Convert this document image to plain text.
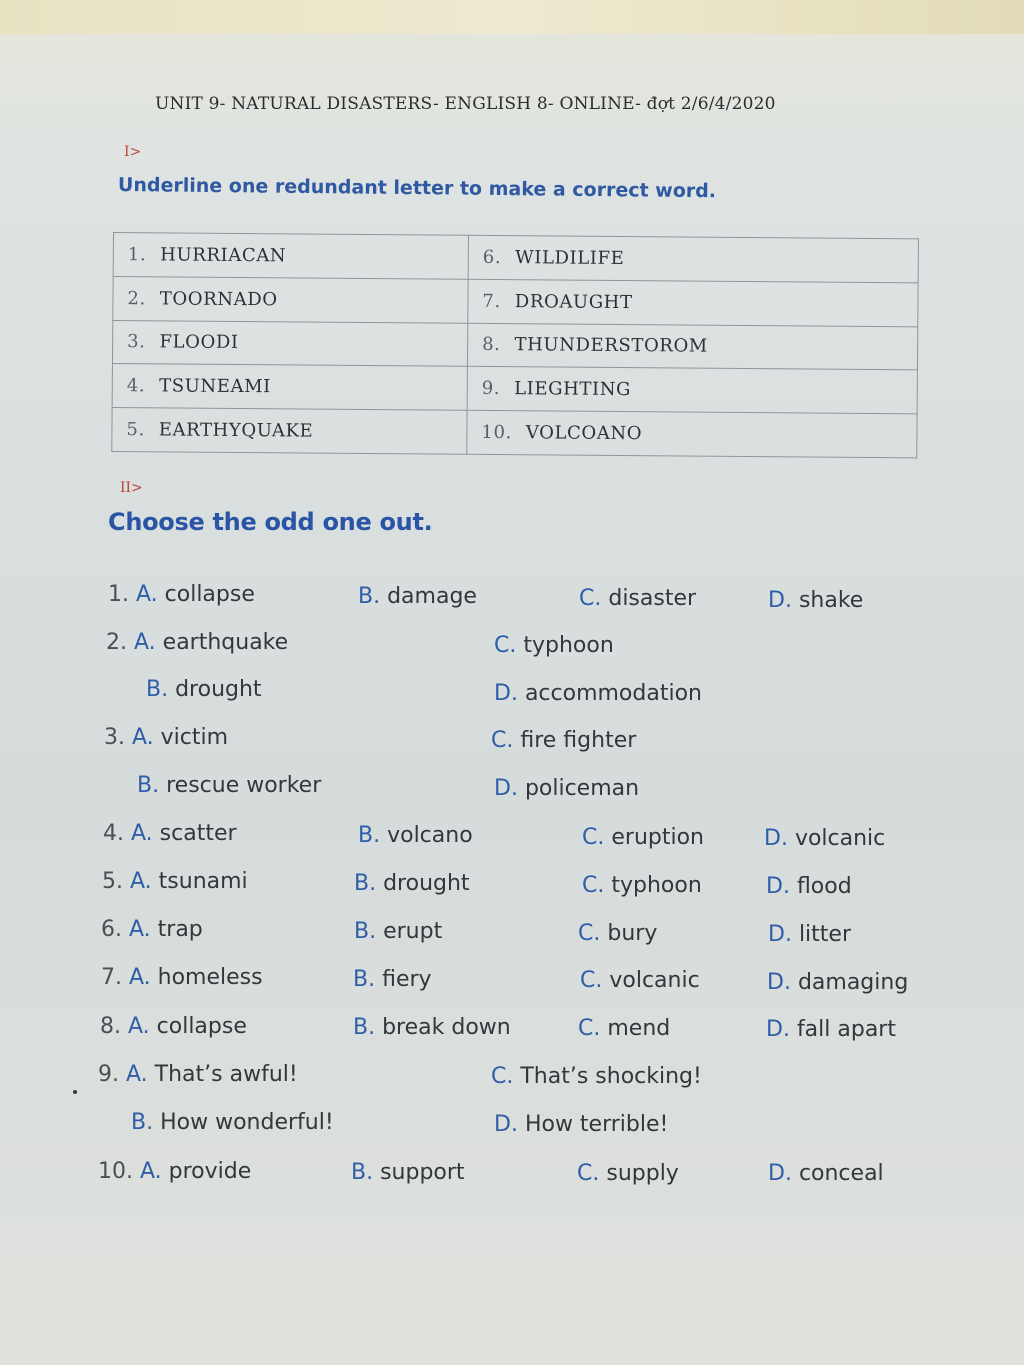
UNIT 9- NATURAL DISASTERS- ENGLISH 8- ONLINE- đợt 2/6/4/2020
I>
Underline one redundant letter to make a correct word.
1. HURRIACAN	6. WILDILIFE
2. TOORNADO	7. DROAUGHT
3. FLOODI	8. THUNDERSTOROM
4. TSUNEAMI	9. LIEGHTING
5. EARTHYQUAKE	10. VOLCOANO
II>
Choose the odd one out.
1. A. collapse	B. damage	C. disaster	D. shake
2. A. earthquake	C. typhoon
B. drought	D. accommodation
3. A. victim	C. fire fighter
B. rescue worker	D. policeman
4. A. scatter	B. volcano	C. eruption	D. volcanic
5. A. tsunami	B. drought	C. typhoon	D. flood
6. A. trap	B. erupt	C. bury	D. litter
7. A. homeless	B. fiery	C. volcanic	D. damaging
8. A. collapse	B. break down	C. mend	D. fall apart
9. A. That’s awful!	C. That’s shocking!
B. How wonderful!	D. How terrible!
10. A. provide	B. support	C. supply	D. conceal
